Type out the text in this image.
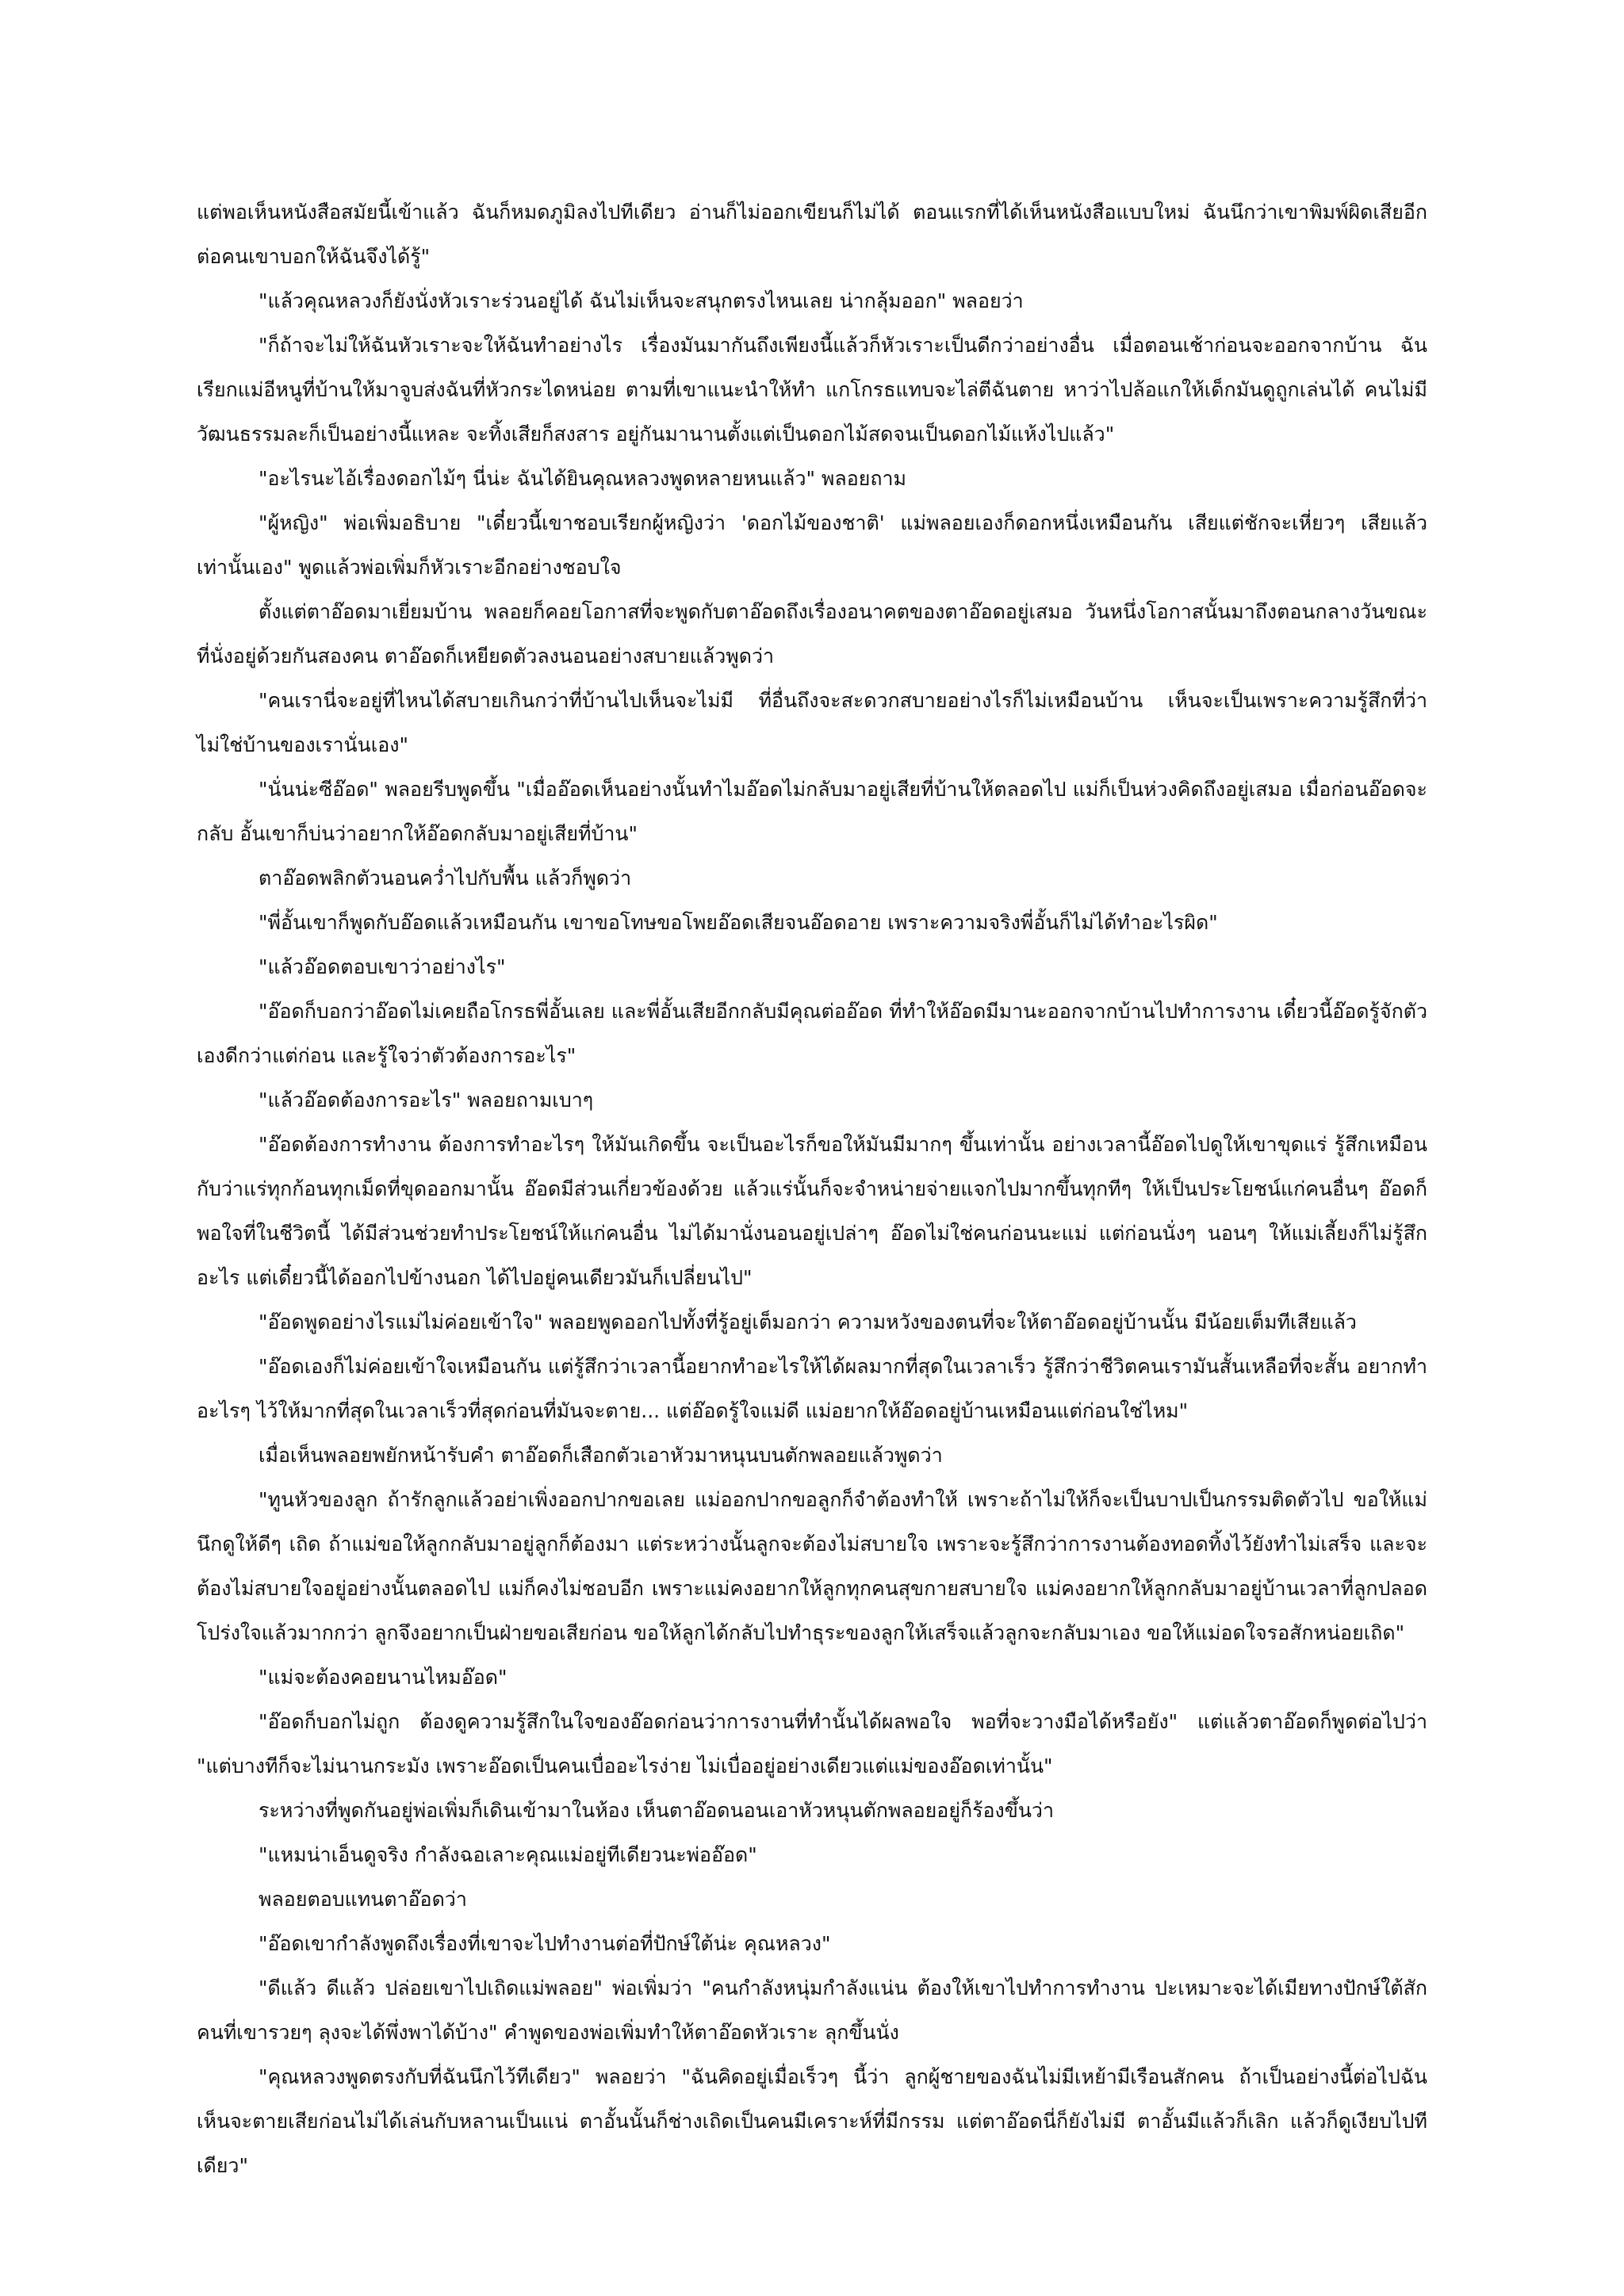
แต่พอเห็นหนังสือสมัยนี้เข้าแล้ว ฉันก็หมดภูมิลงไปทีเดียว อ่านก็ไม่ออกเขียนก็ไม่ได้ ตอนแรกที่ได้เห็นหนังสือแบบใหม่ ฉันนึกว่าเขาพิมพ์ผิดเสียอีก ต่อคนเขาบอกให้ฉันจึงได้รู้"

"แล้วคุณหลวงก็ยังนั่งหัวเราะร่วนอยู่ได้ ฉันไม่เห็นจะสนุกตรงไหนเลย น่ากลุ้มออก" พลอยว่า

"ก็ถ้าจะไม่ให้ฉันหัวเราะจะให้ฉันทำอย่างไร เรื่องมันมากันถึงเพียงนี้แล้วก็หัวเราะเป็นดีกว่าอย่างอื่น เมื่อตอนเช้าก่อนจะออกจากบ้าน ฉันเรียกแม่อีหนูที่บ้านให้มาจูบส่งฉันที่หัวกระไดหน่อย ตามที่เขาแนะนำให้ทำ แกโกรธแทบจะไล่ตีฉันตาย หาว่าไปล้อแกให้เด็กมันดูถูกเล่นได้ คนไม่มีวัฒนธรรมละก็เป็นอย่างนี้แหละ จะทิ้งเสียก็สงสาร อยู่กันมานานตั้งแต่เป็นดอกไม้สดจนเป็นดอกไม้แห้งไปแล้ว"

"อะไรนะไอ้เรื่องดอกไม้ๆ นี่น่ะ ฉันได้ยินคุณหลวงพูดหลายหนแล้ว" พลอยถาม

"ผู้หญิง" พ่อเพิ่มอธิบาย "เดี๋ยวนี้เขาชอบเรียกผู้หญิงว่า 'ดอกไม้ของชาติ' แม่พลอยเองก็ดอกหนึ่งเหมือนกัน เสียแต่ชักจะเหี่ยวๆ เสียแล้วเท่านั้นเอง" พูดแล้วพ่อเพิ่มก็หัวเราะอีกอย่างชอบใจ

ตั้งแต่ตาอ๊อดมาเยี่ยมบ้าน พลอยก็คอยโอกาสที่จะพูดกับตาอ๊อดถึงเรื่องอนาคตของตาอ๊อดอยู่เสมอ วันหนึ่งโอกาสนั้นมาถึงตอนกลางวันขณะที่นั่งอยู่ด้วยกันสองคน ตาอ๊อดก็เหยียดตัวลงนอนอย่างสบายแล้วพูดว่า

"คนเรานี่จะอยู่ที่ไหนได้สบายเกินกว่าที่บ้านไปเห็นจะไม่มี ที่อื่นถึงจะสะดวกสบายอย่างไรก็ไม่เหมือนบ้าน เห็นจะเป็นเพราะความรู้สึกที่ว่าไม่ใช่บ้านของเรานั่นเอง"

"นั่นน่ะซีอ๊อด" พลอยรีบพูดขึ้น "เมื่ออ๊อดเห็นอย่างนั้นทำไมอ๊อดไม่กลับมาอยู่เสียที่บ้านให้ตลอดไป แม่ก็เป็นห่วงคิดถึงอยู่เสมอ เมื่อก่อนอ๊อดจะกลับ อั้นเขาก็บ่นว่าอยากให้อ๊อดกลับมาอยู่เสียที่บ้าน"

ตาอ๊อดพลิกตัวนอนคว่ำไปกับพื้น แล้วก็พูดว่า

"พี่อั้นเขาก็พูดกับอ๊อดแล้วเหมือนกัน เขาขอโทษขอโพยอ๊อดเสียจนอ๊อดอาย เพราะความจริงพี่อั้นก็ไม่ได้ทำอะไรผิด"

"แล้วอ๊อดตอบเขาว่าอย่างไร"

"อ๊อดก็บอกว่าอ๊อดไม่เคยถือโกรธพี่อั้นเลย และพี่อั้นเสียอีกกลับมีคุณต่ออ๊อด ที่ทำให้อ๊อดมีมานะออกจากบ้านไปทำการงาน เดี๋ยวนี้อ๊อดรู้จักตัวเองดีกว่าแต่ก่อน และรู้ใจว่าตัวต้องการอะไร"

"แล้วอ๊อดต้องการอะไร" พลอยถามเบาๆ

"อ๊อดต้องการทำงาน ต้องการทำอะไรๆ ให้มันเกิดขึ้น จะเป็นอะไรก็ขอให้มันมีมากๆ ขึ้นเท่านั้น อย่างเวลานี้อ๊อดไปดูให้เขาขุดแร่ รู้สึกเหมือนกับว่าแร่ทุกก้อนทุกเม็ดที่ขุดออกมานั้น อ๊อดมีส่วนเกี่ยวข้องด้วย แล้วแร่นั้นก็จะจำหน่ายจ่ายแจกไปมากขึ้นทุกทีๆ ให้เป็นประโยชน์แก่คนอื่นๆ อ๊อดก็พอใจที่ในชีวิตนี้ ได้มีส่วนช่วยทำประโยชน์ให้แก่คนอื่น ไม่ได้มานั่งนอนอยู่เปล่าๆ อ๊อดไม่ใช่คนก่อนนะแม่ แต่ก่อนนั่งๆ นอนๆ ให้แม่เลี้ยงก็ไม่รู้สึกอะไร แต่เดี๋ยวนี้ได้ออกไปข้างนอก ได้ไปอยู่คนเดียวมันก็เปลี่ยนไป"

"อ๊อดพูดอย่างไรแม่ไม่ค่อยเข้าใจ" พลอยพูดออกไปทั้งที่รู้อยู่เต็มอกว่า ความหวังของตนที่จะให้ตาอ๊อดอยู่บ้านนั้น มีน้อยเต็มทีเสียแล้ว

"อ๊อดเองก็ไม่ค่อยเข้าใจเหมือนกัน แต่รู้สึกว่าเวลานี้อยากทำอะไรให้ได้ผลมากที่สุดในเวลาเร็ว รู้สึกว่าชีวิตคนเรามันสั้นเหลือที่จะสั้น อยากทำอะไรๆ ไว้ให้มากที่สุดในเวลาเร็วที่สุดก่อนที่มันจะตาย... แต่อ๊อดรู้ใจแม่ดี แม่อยากให้อ๊อดอยู่บ้านเหมือนแต่ก่อนใช่ไหม"

เมื่อเห็นพลอยพยักหน้ารับคำ ตาอ๊อดก็เสือกตัวเอาหัวมาหนุนบนตักพลอยแล้วพูดว่า

"ทูนหัวของลูก ถ้ารักลูกแล้วอย่าเพิ่งออกปากขอเลย แม่ออกปากขอลูกก็จำต้องทำให้ เพราะถ้าไม่ให้ก็จะเป็นบาปเป็นกรรมติดตัวไป ขอให้แม่นึกดูให้ดีๆ เถิด ถ้าแม่ขอให้ลูกกลับมาอยู่ลูกก็ต้องมา แต่ระหว่างนั้นลูกจะต้องไม่สบายใจ เพราะจะรู้สึกว่าการงานต้องทอดทิ้งไว้ยังทำไม่เสร็จ และจะต้องไม่สบายใจอยู่อย่างนั้นตลอดไป แม่ก็คงไม่ชอบอีก เพราะแม่คงอยากให้ลูกทุกคนสุขกายสบายใจ แม่คงอยากให้ลูกกลับมาอยู่บ้านเวลาที่ลูกปลอดโปร่งใจแล้วมากกว่า ลูกจึงอยากเป็นฝ่ายขอเสียก่อน ขอให้ลูกได้กลับไปทำธุระของลูกให้เสร็จแล้วลูกจะกลับมาเอง ขอให้แม่อดใจรอสักหน่อยเถิด"

"แม่จะต้องคอยนานไหมอ๊อด"

"อ๊อดก็บอกไม่ถูก ต้องดูความรู้สึกในใจของอ๊อดก่อนว่าการงานที่ทำนั้นได้ผลพอใจ พอที่จะวางมือได้หรือยัง" แต่แล้วตาอ๊อดก็พูดต่อไปว่า "แต่บางทีก็จะไม่นานกระมัง เพราะอ๊อดเป็นคนเบื่ออะไรง่าย ไม่เบื่ออยู่อย่างเดียวแต่แม่ของอ๊อดเท่านั้น"

ระหว่างที่พูดกันอยู่พ่อเพิ่มก็เดินเข้ามาในห้อง เห็นตาอ๊อดนอนเอาหัวหนุนตักพลอยอยู่ก็ร้องขึ้นว่า

"แหมน่าเอ็นดูจริง กำลังฉอเลาะคุณแม่อยู่ทีเดียวนะพ่ออ๊อด"

พลอยตอบแทนตาอ๊อดว่า

"อ๊อดเขากำลังพูดถึงเรื่องที่เขาจะไปทำงานต่อที่ปักษ์ใต้น่ะ คุณหลวง"

"ดีแล้ว ดีแล้ว ปล่อยเขาไปเถิดแม่พลอย" พ่อเพิ่มว่า "คนกำลังหนุ่มกำลังแน่น ต้องให้เขาไปทำการทำงาน ปะเหมาะจะได้เมียทางปักษ์ใต้สักคนที่เขารวยๆ ลุงจะได้พึ่งพาได้บ้าง" คำพูดของพ่อเพิ่มทำให้ตาอ๊อดหัวเราะ ลุกขึ้นนั่ง

"คุณหลวงพูดตรงกับที่ฉันนึกไว้ทีเดียว" พลอยว่า "ฉันคิดอยู่เมื่อเร็วๆ นี้ว่า ลูกผู้ชายของฉันไม่มีเหย้ามีเรือนสักคน ถ้าเป็นอย่างนี้ต่อไปฉันเห็นจะตายเสียก่อนไม่ได้เล่นกับหลานเป็นแน่ ตาอั้นนั้นก็ช่างเถิดเป็นคนมีเคราะห์ที่มีกรรม แต่ตาอ๊อดนี่ก็ยังไม่มี ตาอั้นมีแล้วก็เลิก แล้วก็ดูเงียบไปทีเดียว"
